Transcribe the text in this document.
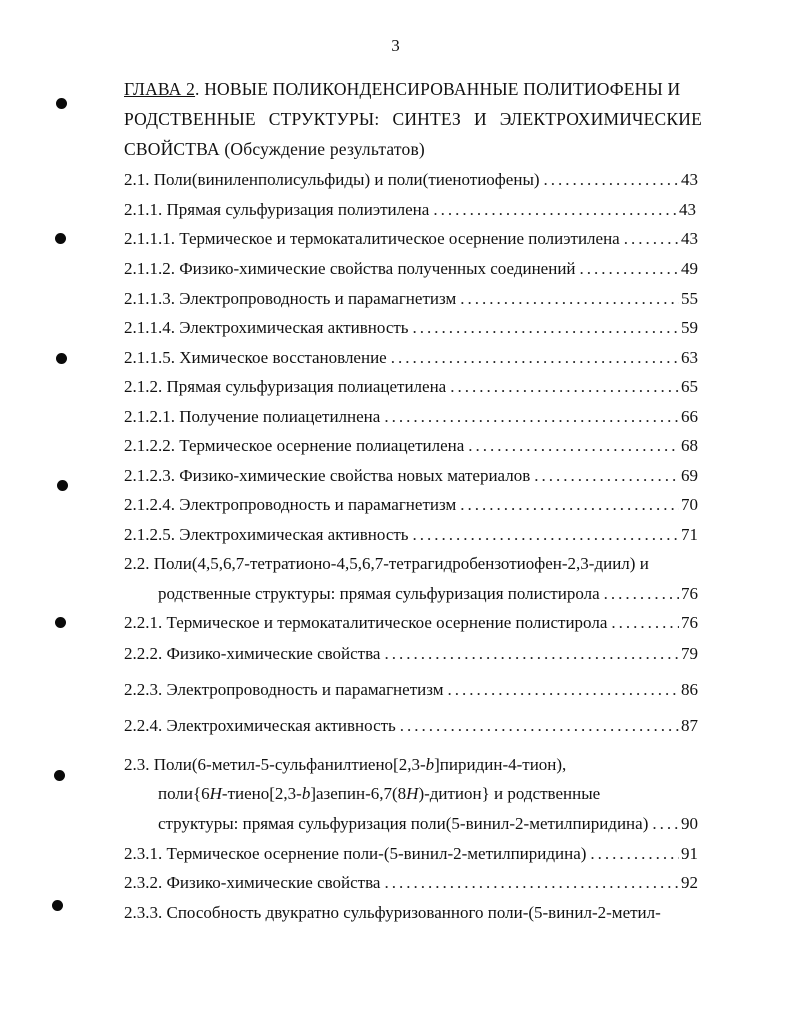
3
ГЛАВА 2. НОВЫЕ ПОЛИКОНДЕНСИРОВАННЫЕ ПОЛИТИОФЕНЫ И
РОДСТВЕННЫЕ СТРУКТУРЫ: СИНТЕЗ И ЭЛЕКТРОХИМИЧЕСКИЕ
СВОЙСТВА (Обсуждение результатов)
2.1. Поли(виниленполисульфиды) и поли(тиенотиофены) .....	43
2.1.1. Прямая сульфуризация полиэтилена .....	43
2.1.1.1. Термическое и термокаталитическое осернение полиэтилена .....	43
2.1.1.2. Физико-химические свойства полученных соединений .....	49
2.1.1.3. Электропроводность и парамагнетизм .....	55
2.1.1.4. Электрохимическая активность .....	59
2.1.1.5. Химическое восстановление .....	63
2.1.2. Прямая сульфуризация полиацетилена .....	65
2.1.2.1. Получение полиацетилнена .....	66
2.1.2.2. Термическое осернение полиацетилена .....	68
2.1.2.3. Физико-химические свойства новых материалов .....	69
2.1.2.4. Электропроводность и парамагнетизм .....	70
2.1.2.5. Электрохимическая активность .....	71
2.2. Поли(4,5,6,7-тетратионо-4,5,6,7-тетрагидробензотиофен-2,3-диил) и
родственные структуры: прямая сульфуризация полистирола .....	76
2.2.1. Термическое и термокаталитическое осернение полистирола .....	76
2.2.2. Физико-химические свойства .....	79
2.2.3. Электропроводность и парамагнетизм .....	86
2.2.4. Электрохимическая активность .....	87
2.3. Поли(6-метил-5-сульфанилтиено[2,3-b]пиридин-4-тион),
поли{6H-тиено[2,3-b]азепин-6,7(8H)-дитион} и родственные
структуры: прямая сульфуризация поли(5-винил-2-метилпиридина) ..... 90
2.3.1. Термическое осернение поли-(5-винил-2-метилпиридина) .....	91
2.3.2. Физико-химические свойства .....	92
2.3.3. Способность двукратно сульфуризованного поли-(5-винил-2-метил-
